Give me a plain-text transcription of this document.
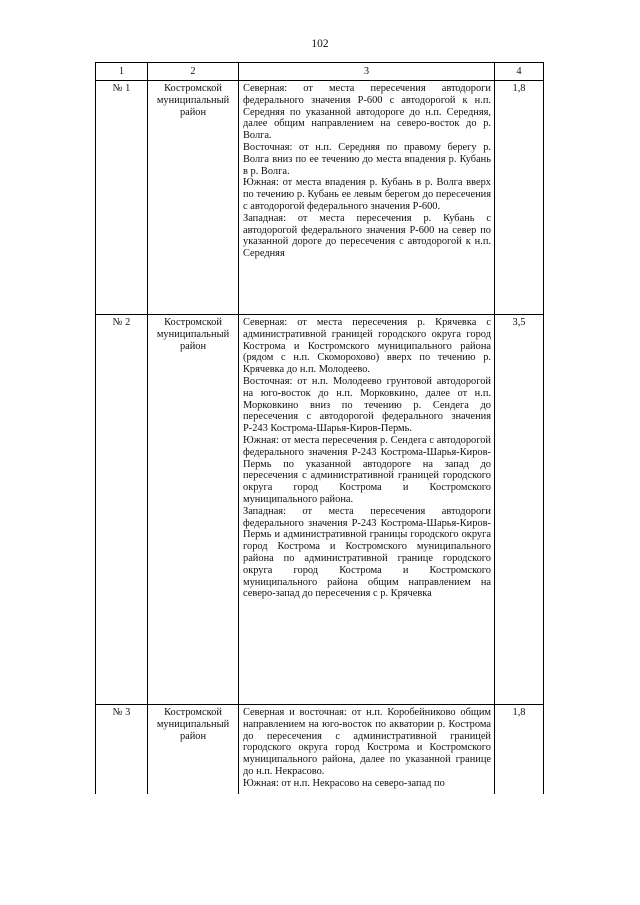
102
1	2	3	4
№ 1	Костромской муниципальный район	Северная: от места пересечения автодороги федерального значения Р-600 с автодорогой к н.п. Середняя по указанной автодороге до н.п. Середняя, далее общим направлением на северо-восток до р. Волга.

Восточная: от н.п. Середняя по правому берегу р. Волга вниз по ее течению до места впадения р. Кубань в р. Волга.

Южная: от места впадения р. Кубань в р. Волга вверх по течению р. Кубань ее левым берегом до пересечения с автодорогой федерального значения Р-600.

Западная: от места пересечения р. Кубань с автодорогой федерального значения Р-600 на север по указанной дороге до пересечения с автодорогой к н.п. Середняя	1,8
№ 2	Костромской муниципальный район	Северная: от места пересечения р. Крячевка с административной границей городского округа город Кострома и Костромского муниципального района (рядом с н.п. Скоморохово) вверх по течению р. Крячевка до н.п. Молодеево.

Восточная: от н.п. Молодеево грунтовой автодорогой на юго-восток до н.п. Морковкино, далее от н.п. Морковкино вниз по течению р. Сендега до пересечения с автодорогой федерального значения Р-243 Кострома-Шарья-Киров-Пермь.

Южная: от места пересечения р. Сендега с автодорогой федерального значения Р-243 Кострома-Шарья-Киров-Пермь по указанной автодороге на запад до пересечения с административной границей городского округа город Кострома и Костромского муниципального района.

Западная: от места пересечения автодороги федерального значения Р-243 Кострома-Шарья-Киров-Пермь и административной границы городского округа город Кострома и Костромского муниципального района по административной границе городского округа город Кострома и Костромского муниципального района общим направлением на северо-запад до пересечения с р. Крячевка	3,5
№ 3	Костромской муниципальный район	Северная и восточная: от н.п. Коробейниково общим направлением на юго-восток по акватории р. Кострома до пересечения с административной границей городского округа город Кострома и Костромского муниципального района, далее по указанной границе до н.п. Некрасово.

Южная: от н.п. Некрасово на северо-запад по	1,8
